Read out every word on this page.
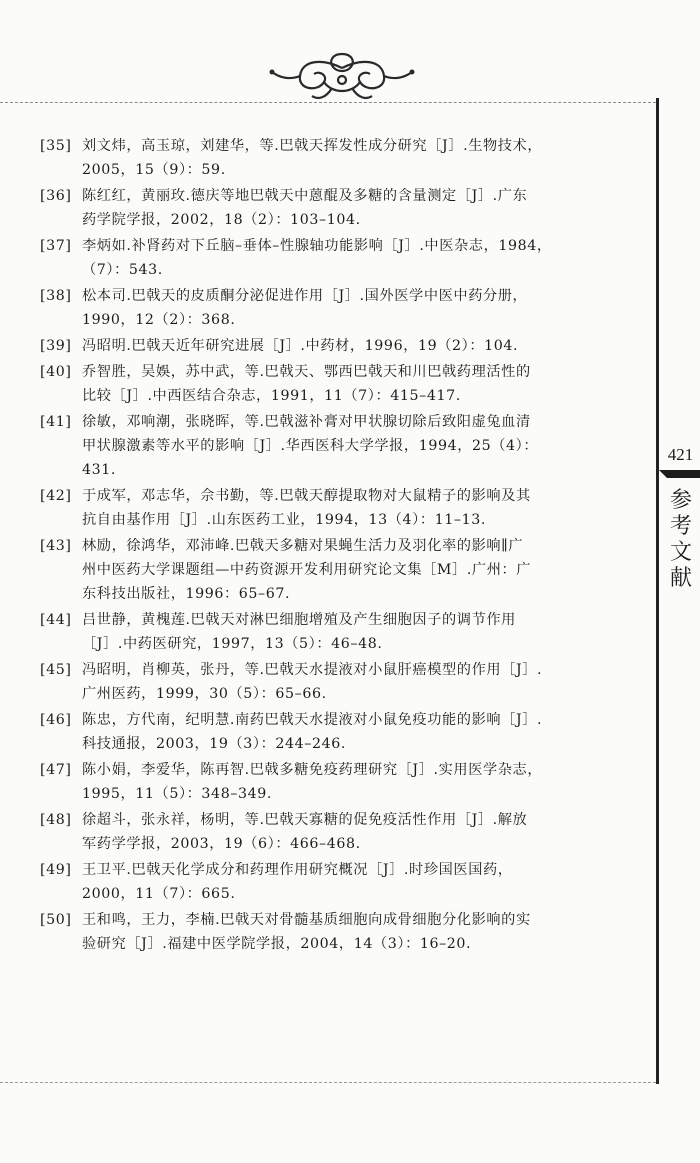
421
参
考
文
献
[35] 刘文炜，高玉琼，刘建华，等.巴戟天挥发性成分研究［J］.生物技术，
2005，15（9）：59.
[36] 陈红红，黄丽玫.德庆等地巴戟天中蒽醌及多糖的含量测定［J］.广东
药学院学报，2002，18（2）：103–104.
[37] 李炳如.补肾药对下丘脑–垂体–性腺轴功能影响［J］.中医杂志，1984，
（7）：543.
[38] 松本司.巴戟天的皮质酮分泌促进作用［J］.国外医学中医中药分册，
1990，12（2）：368.
[39] 冯昭明.巴戟天近年研究进展［J］.中药材，1996，19（2）：104.
[40] 乔智胜，吴娛，苏中武，等.巴戟天、鄂西巴戟天和川巴戟药理活性的
比较［J］.中西医结合杂志，1991，11（7）：415–417.
[41] 徐敏，邓响潮，张晓晖，等.巴戟滋补膏对甲状腺切除后致阳虚兔血清
甲状腺激素等水平的影响［J］.华西医科大学学报，1994，25（4）：
431.
[42] 于成军，邓志华，佘书勤，等.巴戟天醇提取物对大鼠精子的影响及其
抗自由基作用［J］.山东医药工业，1994，13（4）：11–13.
[43] 林励，徐鸿华，邓沛峰.巴戟天多糖对果蝇生活力及羽化率的影响∥广
州中医药大学课题组—中药资源开发利用研究论文集［M］.广州：广
东科技出版社，1996：65–67.
[44] 吕世静，黄槐莲.巴戟天对淋巴细胞增殖及产生细胞因子的调节作用
［J］.中药医研究，1997，13（5）：46–48.
[45] 冯昭明，肖柳英，张丹，等.巴戟天水提液对小鼠肝癌模型的作用［J］.
广州医药，1999，30（5）：65–66.
[46] 陈忠，方代南，纪明慧.南药巴戟天水提液对小鼠免疫功能的影响［J］.
科技通报，2003，19（3）：244–246.
[47] 陈小娟，李爱华，陈再智.巴戟多糖免疫药理研究［J］.实用医学杂志，
1995，11（5）：348–349.
[48] 徐超斗，张永祥，杨明，等.巴戟天寡糖的促免疫活性作用［J］.解放
军药学学报，2003，19（6）：466–468.
[49] 王卫平.巴戟天化学成分和药理作用研究概况［J］.时珍国医国药，
2000，11（7）：665.
[50] 王和鸣，王力，李楠.巴戟天对骨髓基质细胞向成骨细胞分化影响的实
验研究［J］.福建中医学院学报，2004，14（3）：16–20.
